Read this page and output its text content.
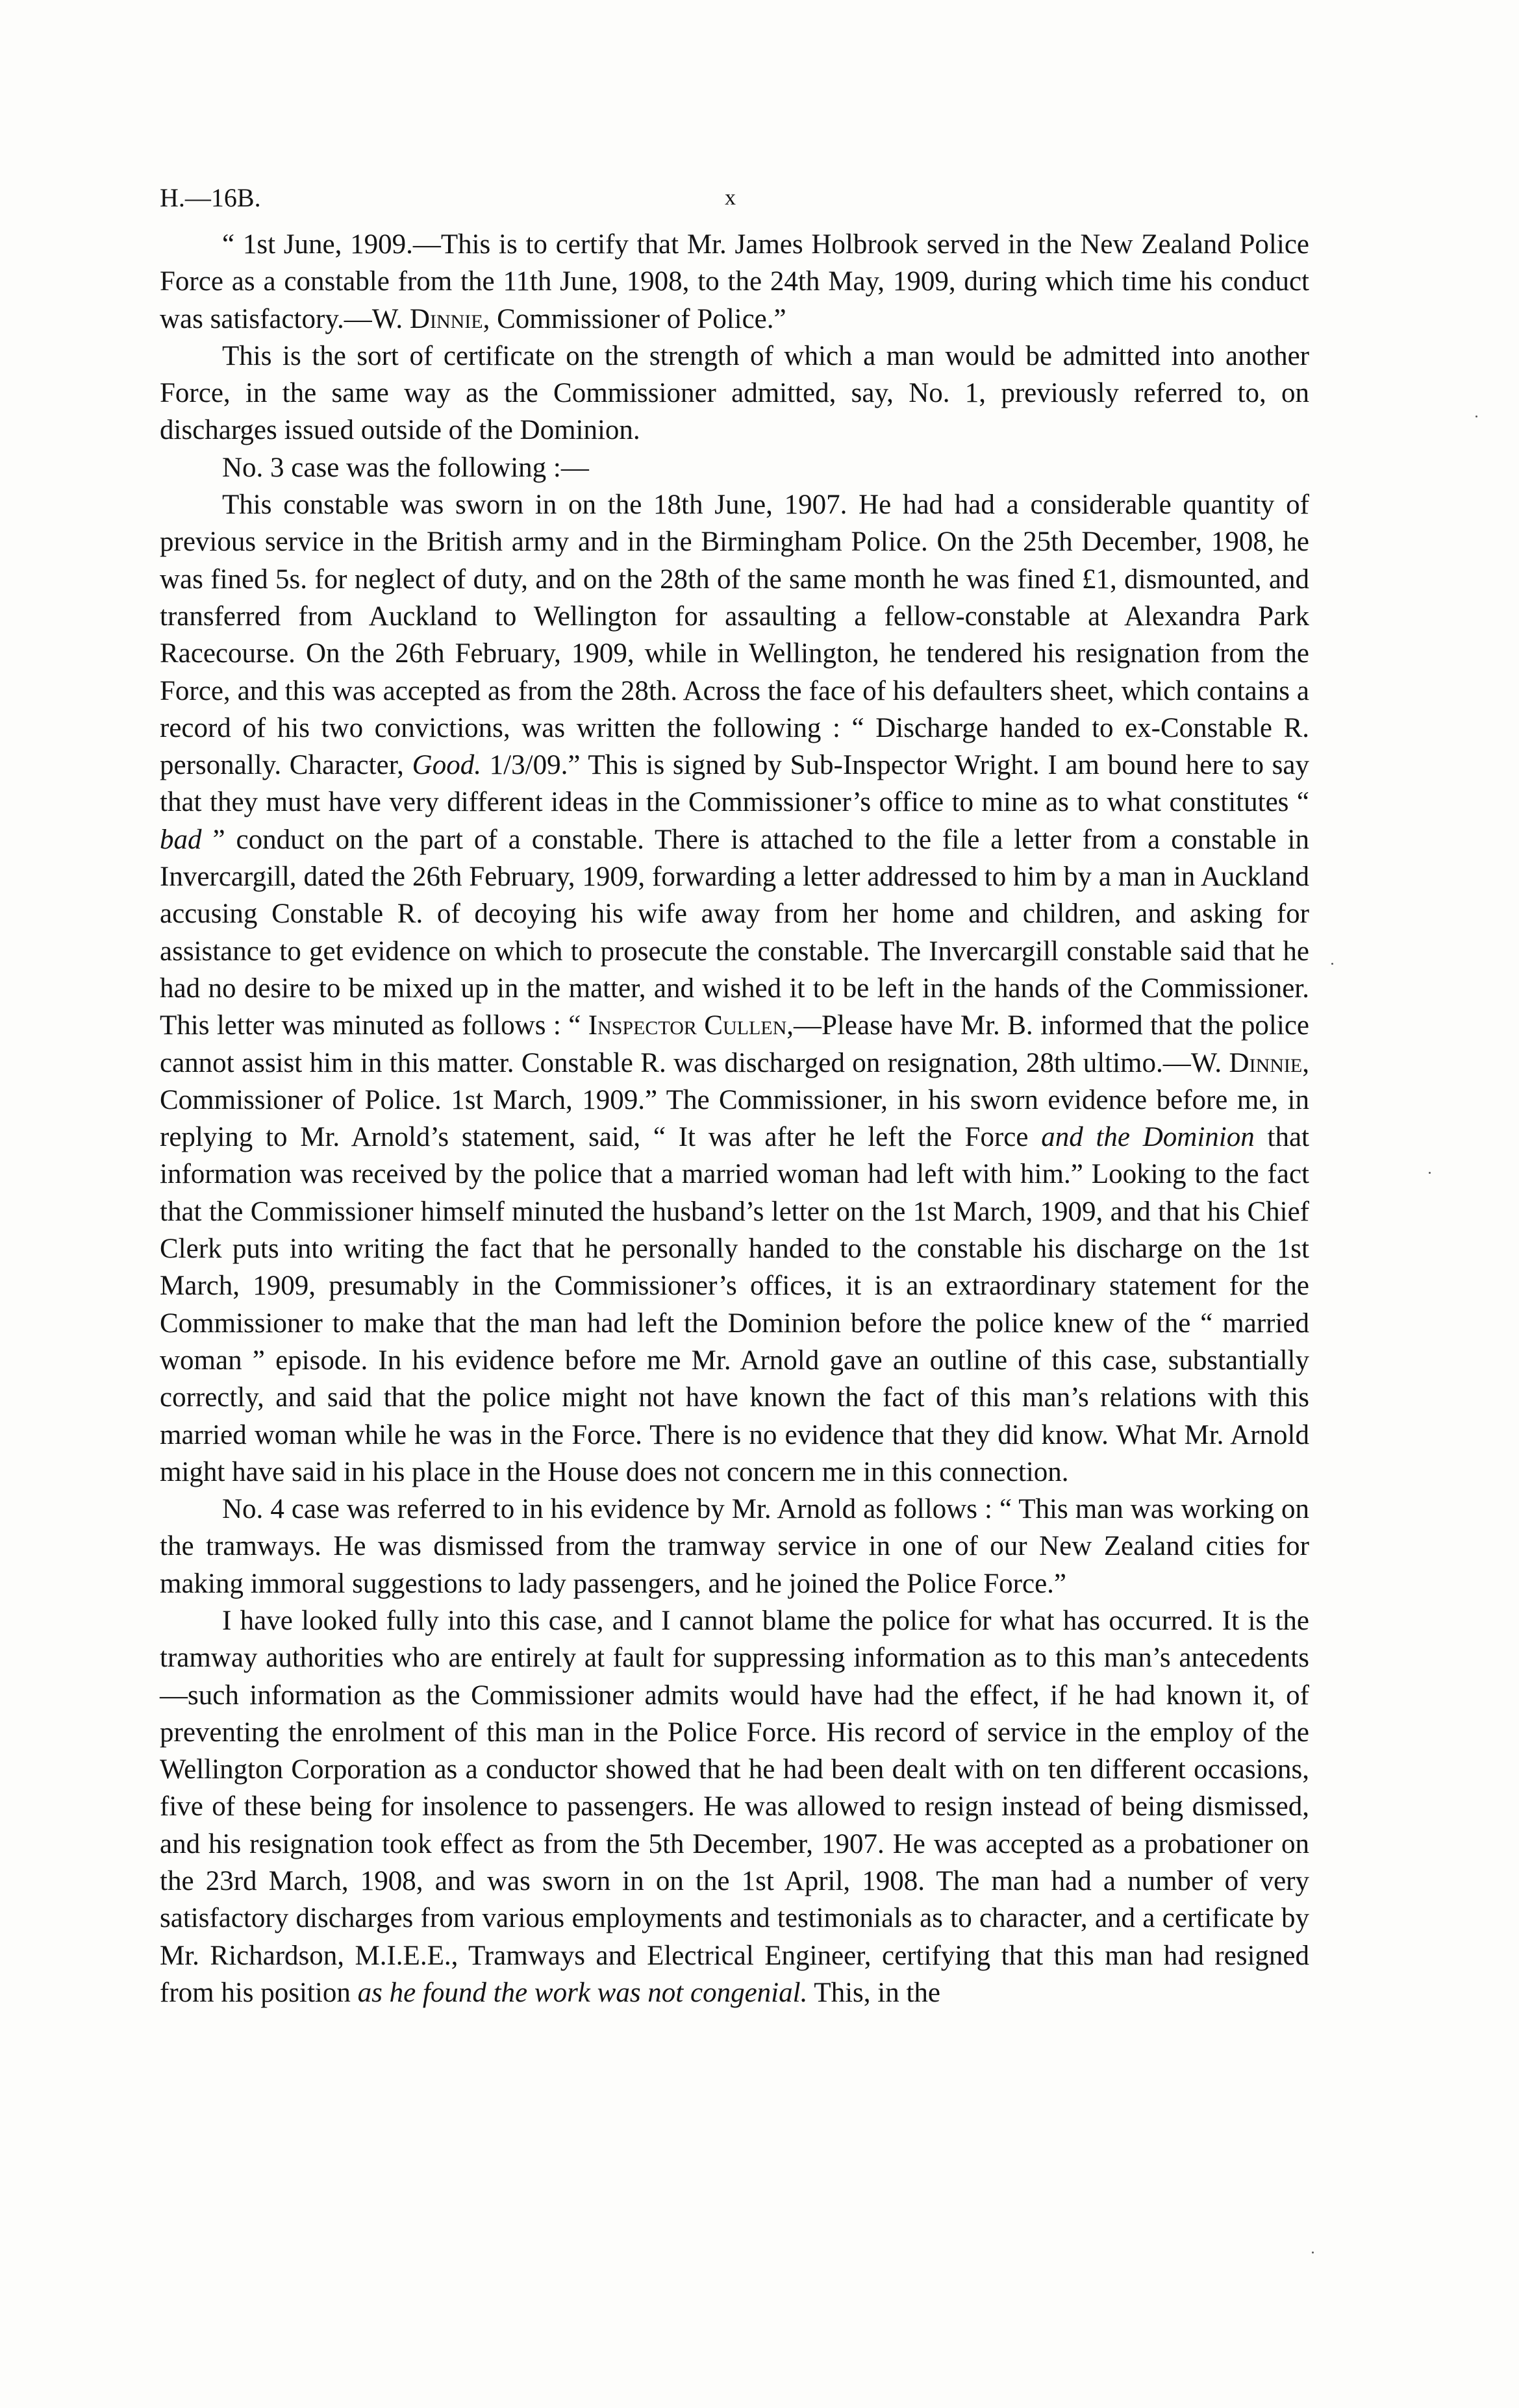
H.—16B.	x

“ 1st June, 1909.—This is to certify that Mr. James Holbrook served in the New Zealand Police Force as a constable from the 11th June, 1908, to the 24th May, 1909, during which time his conduct was satisfactory.—W. Dinnie, Commissioner of Police.”

This is the sort of certificate on the strength of which a man would be admitted into another Force, in the same way as the Commissioner admitted, say, No. 1, previously referred to, on discharges issued outside of the Dominion.

No. 3 case was the following :—

This constable was sworn in on the 18th June, 1907. He had had a considerable quantity of previous service in the British army and in the Birmingham Police. On the 25th December, 1908, he was fined 5s. for neglect of duty, and on the 28th of the same month he was fined £1, dismounted, and transferred from Auckland to Wellington for assaulting a fellow-constable at Alexandra Park Racecourse. On the 26th February, 1909, while in Wellington, he tendered his resignation from the Force, and this was accepted as from the 28th. Across the face of his defaulters sheet, which contains a record of his two convictions, was written the following : “ Discharge handed to ex-Constable R. personally. Character, Good. 1/3/09.” This is signed by Sub-Inspector Wright. I am bound here to say that they must have very different ideas in the Commissioner’s office to mine as to what constitutes “ bad ” conduct on the part of a constable. There is attached to the file a letter from a constable in Invercargill, dated the 26th February, 1909, forwarding a letter addressed to him by a man in Auckland accusing Constable R. of decoying his wife away from her home and children, and asking for assistance to get evidence on which to prosecute the constable. The Invercargill constable said that he had no desire to be mixed up in the matter, and wished it to be left in the hands of the Commissioner. This letter was minuted as follows : “ Inspector Cullen,—Please have Mr. B. informed that the police cannot assist him in this matter. Constable R. was discharged on resignation, 28th ultimo.—W. Dinnie, Commissioner of Police. 1st March, 1909.” The Commissioner, in his sworn evidence before me, in replying to Mr. Arnold’s statement, said, “ It was after he left the Force and the Dominion that information was received by the police that a married woman had left with him.” Looking to the fact that the Commissioner himself minuted the husband’s letter on the 1st March, 1909, and that his Chief Clerk puts into writing the fact that he personally handed to the constable his discharge on the 1st March, 1909, presumably in the Commissioner’s offices, it is an extraordinary statement for the Commissioner to make that the man had left the Dominion before the police knew of the “ married woman ” episode. In his evidence before me Mr. Arnold gave an outline of this case, substantially correctly, and said that the police might not have known the fact of this man’s relations with this married woman while he was in the Force. There is no evidence that they did know. What Mr. Arnold might have said in his place in the House does not concern me in this connection.

No. 4 case was referred to in his evidence by Mr. Arnold as follows : “ This man was working on the tramways. He was dismissed from the tramway service in one of our New Zealand cities for making immoral suggestions to lady passengers, and he joined the Police Force.”

I have looked fully into this case, and I cannot blame the police for what has occurred. It is the tramway authorities who are entirely at fault for suppressing information as to this man’s antecedents—such information as the Commissioner admits would have had the effect, if he had known it, of preventing the enrolment of this man in the Police Force. His record of service in the employ of the Wellington Corporation as a conductor showed that he had been dealt with on ten different occasions, five of these being for insolence to passengers. He was allowed to resign instead of being dismissed, and his resignation took effect as from the 5th December, 1907. He was accepted as a probationer on the 23rd March, 1908, and was sworn in on the 1st April, 1908. The man had a number of very satisfactory discharges from various employments and testimonials as to character, and a certificate by Mr. Richardson, M.I.E.E., Tramways and Electrical Engineer, certifying that this man had resigned from his position as he found the work was not congenial. This, in the
